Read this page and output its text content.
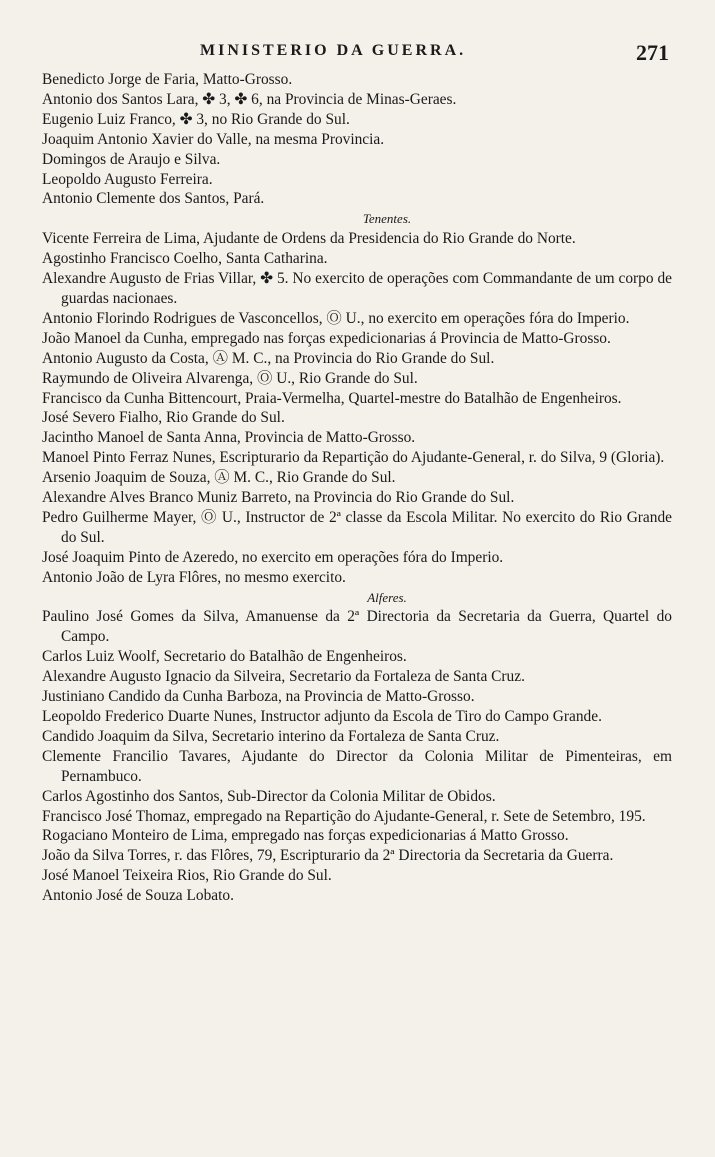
MINISTERIO DA GUERRA.	271

Benedicto Jorge de Faria, Matto-Grosso.

Antonio dos Santos Lara, ✤ 3, ✤ 6, na Provincia de Minas-Geraes.

Eugenio Luiz Franco, ✤ 3, no Rio Grande do Sul.

Joaquim Antonio Xavier do Valle, na mesma Provincia.

Domingos de Araujo e Silva.

Leopoldo Augusto Ferreira.

Antonio Clemente dos Santos, Pará.

Tenentes.

Vicente Ferreira de Lima, Ajudante de Ordens da Presidencia do Rio Grande do Norte.

Agostinho Francisco Coelho, Santa Catharina.

Alexandre Augusto de Frias Villar, ✤ 5. No exercito de operações com Commandante de um corpo de guardas nacionaes.

Antonio Florindo Rodrigues de Vasconcellos, Ⓞ U., no exercito em operações fóra do Imperio.

João Manoel da Cunha, empregado nas forças expedicionarias á Provincia de Matto-Grosso.

Antonio Augusto da Costa, Ⓐ M. C., na Provincia do Rio Grande do Sul.

Raymundo de Oliveira Alvarenga, Ⓞ U., Rio Grande do Sul.

Francisco da Cunha Bittencourt, Praia-Vermelha, Quartel-mestre do Batalhão de Engenheiros.

José Severo Fialho, Rio Grande do Sul.

Jacintho Manoel de Santa Anna, Provincia de Matto-Grosso.

Manoel Pinto Ferraz Nunes, Escripturario da Repartição do Ajudante-General, r. do Silva, 9 (Gloria).

Arsenio Joaquim de Souza, Ⓐ M. C., Rio Grande do Sul.

Alexandre Alves Branco Muniz Barreto, na Provincia do Rio Grande do Sul.

Pedro Guilherme Mayer, Ⓞ U., Instructor de 2ª classe da Escola Militar. No exercito do Rio Grande do Sul.

José Joaquim Pinto de Azeredo, no exercito em operações fóra do Imperio.

Antonio João de Lyra Flôres, no mesmo exercito.

Alferes.

Paulino José Gomes da Silva, Amanuense da 2ª Directoria da Secretaria da Guerra, Quartel do Campo.

Carlos Luiz Woolf, Secretario do Batalhão de Engenheiros.

Alexandre Augusto Ignacio da Silveira, Secretario da Fortaleza de Santa Cruz.

Justiniano Candido da Cunha Barboza, na Provincia de Matto-Grosso.

Leopoldo Frederico Duarte Nunes, Instructor adjunto da Escola de Tiro do Campo Grande.

Candido Joaquim da Silva, Secretario interino da Fortaleza de Santa Cruz.

Clemente Francilio Tavares, Ajudante do Director da Colonia Militar de Pimenteiras, em Pernambuco.

Carlos Agostinho dos Santos, Sub-Director da Colonia Militar de Obidos.

Francisco José Thomaz, empregado na Repartição do Ajudante-General, r. Sete de Setembro, 195.

Rogaciano Monteiro de Lima, empregado nas forças expedicionarias á Matto Grosso.

João da Silva Torres, r. das Flôres, 79, Escripturario da 2ª Directoria da Secretaria da Guerra.

José Manoel Teixeira Rios, Rio Grande do Sul.

Antonio José de Souza Lobato.
